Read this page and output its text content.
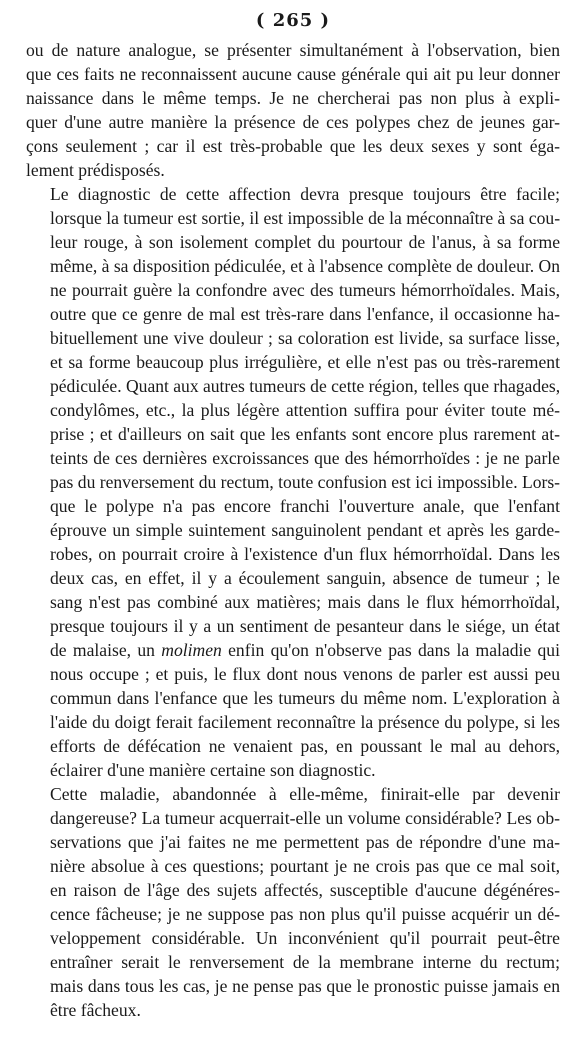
( 265 )
ou de nature analogue, se présenter simultanément à l'observation, bien
que ces faits ne reconnaissent aucune cause générale qui ait pu leur donner
naissance dans le même temps. Je ne chercherai pas non plus à expli-
quer d'une autre manière la présence de ces polypes chez de jeunes gar-
çons seulement ; car il est très-probable que les deux sexes y sont éga-
lement prédisposés.
Le diagnostic de cette affection devra presque toujours être facile;
lorsque la tumeur est sortie, il est impossible de la méconnaître à sa cou-
leur rouge, à son isolement complet du pourtour de l'anus, à sa forme
même, à sa disposition pédiculée, et à l'absence complète de douleur. On
ne pourrait guère la confondre avec des tumeurs hémorrhoïdales. Mais,
outre que ce genre de mal est très-rare dans l'enfance, il occasionne ha-
bituellement une vive douleur ; sa coloration est livide, sa surface lisse,
et sa forme beaucoup plus irrégulière, et elle n'est pas ou très-rarement
pédiculée. Quant aux autres tumeurs de cette région, telles que rhagades,
condylômes, etc., la plus légère attention suffira pour éviter toute mé-
prise ; et d'ailleurs on sait que les enfants sont encore plus rarement at-
teints de ces dernières excroissances que des hémorrhoïdes : je ne parle
pas du renversement du rectum, toute confusion est ici impossible. Lors-
que le polype n'a pas encore franchi l'ouverture anale, que l'enfant
éprouve un simple suintement sanguinolent pendant et après les garde-
robes, on pourrait croire à l'existence d'un flux hémorrhoïdal. Dans les
deux cas, en effet, il y a écoulement sanguin, absence de tumeur ; le
sang n'est pas combiné aux matières; mais dans le flux hémorrhoïdal,
presque toujours il y a un sentiment de pesanteur dans le siége, un état
de malaise, un molimen enfin qu'on n'observe pas dans la maladie qui
nous occupe ; et puis, le flux dont nous venons de parler est aussi peu
commun dans l'enfance que les tumeurs du même nom. L'exploration à
l'aide du doigt ferait facilement reconnaître la présence du polype, si les
efforts de défécation ne venaient pas, en poussant le mal au dehors,
éclairer d'une manière certaine son diagnostic.
Cette maladie, abandonnée à elle-même, finirait-elle par devenir
dangereuse? La tumeur acquerrait-elle un volume considérable? Les ob-
servations que j'ai faites ne me permettent pas de répondre d'une ma-
nière absolue à ces questions; pourtant je ne crois pas que ce mal soit,
en raison de l'âge des sujets affectés, susceptible d'aucune dégénéres-
cence fâcheuse; je ne suppose pas non plus qu'il puisse acquérir un dé-
veloppement considérable. Un inconvénient qu'il pourrait peut-être
entraîner serait le renversement de la membrane interne du rectum;
mais dans tous les cas, je ne pense pas que le pronostic puisse jamais en
être fâcheux.
